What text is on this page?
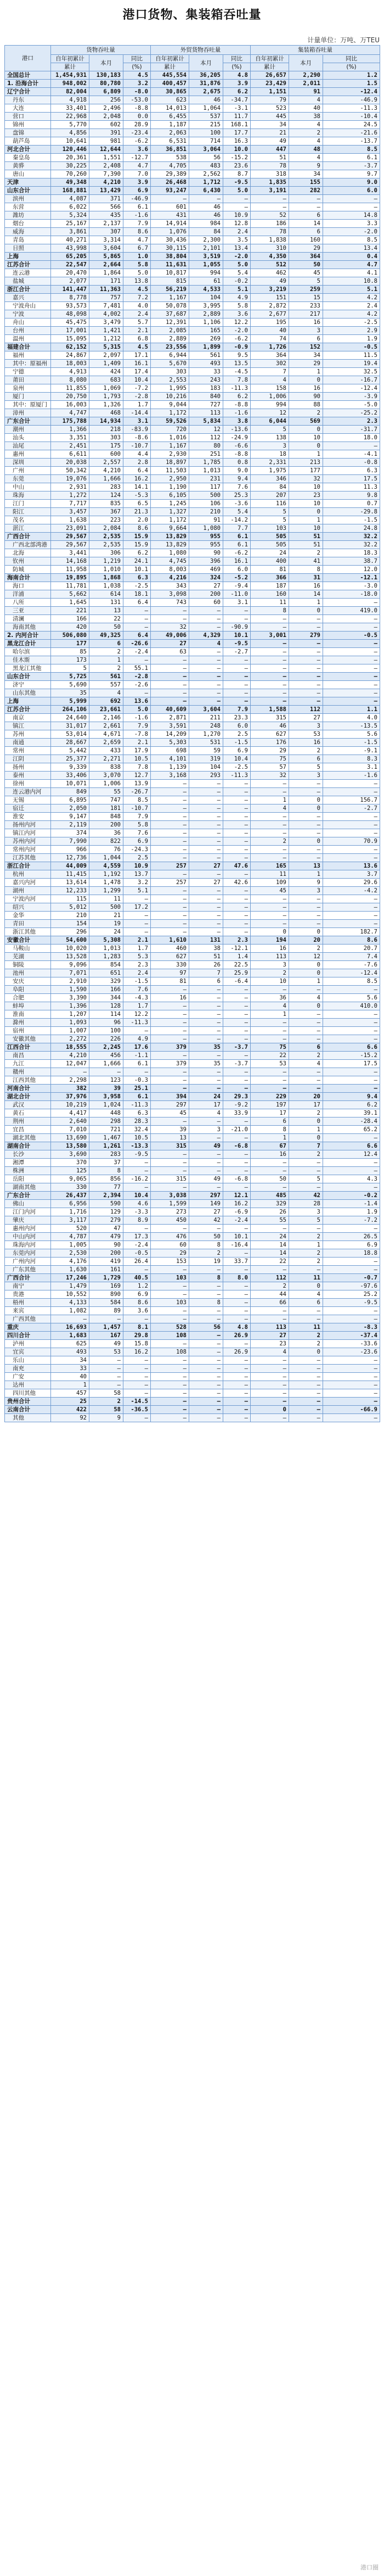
港口货物、集装箱吞吐量
计量单位：万吨、万TEU
港口	货物吞吐量			外贸货物吞吐量			集装箱吞吐量		
	自年初累计	本月	同比	自年初累计	本月	同比	自年初累计	本月	同比
	累计		(%)	累计		(%)	累计		(%)
全国总计	1,454,931	130,183	4.5	445,554	36,205	4.8	26,657	2,290	1.2
1. 沿海合计	948,002	80,780	3.2	400,457	31,876	3.9	23,429	2,011	1.5
辽宁合计	82,004	6,809	-8.0	30,865	2,675	6.2	1,151	91	-12.4
丹东	4,918	256	-53.0	623	46	-34.7	79	4	-46.9
大连	33,401	2,496	-8.8	14,013	1,064	-3.1	523	40	-11.3
营口	22,968	2,048	0.0	6,455	537	11.7	445	38	-10.4
锦州	5,770	602	28.9	1,187	215	168.1	34	4	24.5
盘锦	4,856	391	-23.4	2,063	100	17.7	21	2	-21.6
葫芦岛	10,641	981	-6.2	6,531	714	16.3	49	4	-13.7
河北合计	120,446	12,644	3.6	36,851	3,064	10.0	447	48	8.5
秦皇岛	20,361	1,551	-12.7	538	56	-15.2	51	4	6.1
黄骅	30,225	2,408	4.7	4,705	483	23.6	78	9	-3.7
唐山	70,260	7,390	7.0	29,389	2,562	8.7	318	34	9.7
天津	49,348	4,210	3.9	26,468	1,712	-9.5	1,835	155	9.0
山东合计	168,881	13,429	6.9	93,247	6,430	5.0	3,191	282	6.0
滨州	4,087	371	-46.9	—	—	—	—	—	—
东营	6,022	566	6.1	601	46	—	—	—	—
潍坊	5,324	435	-1.6	431	46	10.9	52	6	14.8
烟台	25,167	2,137	7.9	14,914	984	12.8	186	14	3.3
威海	3,861	307	8.6	1,076	84	2.4	78	6	-2.0
青岛	40,271	3,314	4.7	30,436	2,300	3.5	1,838	160	8.5
日照	43,998	3,604	6.7	30,115	2,101	13.4	310	29	13.4
上海	65,205	5,865	1.0	38,804	3,519	-2.0	4,350	364	0.4
江苏合计	22,547	2,664	5.8	11,631	1,055	5.0	512	50	4.7
连云港	20,470	1,864	5.0	10,817	994	5.4	462	45	4.1
盐城	2,077	171	13.8	815	61	-0.2	49	5	10.8
浙江合计	141,447	11,363	4.5	56,219	4,533	5.1	3,219	259	5.1
嘉兴	8,778	757	7.2	1,167	104	4.9	151	15	4.2
宁波舟山	93,573	7,481	4.0	50,078	3,995	5.8	2,872	233	2.4
宁波	48,098	4,002	2.4	37,687	2,889	3.6	2,677	217	4.2
舟山	45,475	3,479	5.7	12,391	1,106	12.2	195	16	-2.5
台州	17,001	1,421	2.1	2,085	165	-2.0	40	3	2.9
温州	15,095	1,212	6.8	2,889	269	-6.2	74	6	1.9
福建合计	62,152	5,315	4.5	23,556	1,899	-0.9	1,726	152	-0.5
福州	24,867	2,097	17.1	6,944	561	9.5	364	34	11.5
其中：原福州	18,003	1,409	16.1	5,670	493	13.5	302	29	19.4
宁德	4,913	424	17.4	303	33	-4.5	7	1	32.5
莆田	8,080	683	10.4	2,553	243	7.8	4	0	-16.7
泉州	11,855	1,069	-7.2	1,995	183	-11.3	158	16	-12.4
厦门	20,750	1,793	-2.8	10,216	840	6.2	1,006	90	-3.9
其中：原厦门	16,003	1,326	1.7	9,044	727	-8.8	994	88	-5.0
漳州	4,747	468	-14.4	1,172	113	-1.6	12	2	-25.2
广东合计	175,788	14,934	3.1	59,526	5,834	3.8	6,044	569	2.3
潮州	1,366	218	-83.9	720	12	-13.6	5	0	-31.7
汕头	3,351	303	-8.6	1,016	112	-24.9	138	10	18.0
汕尾	2,451	175	-10.7	1,167	80	-6.6	3	0	—
惠州	6,611	600	4.4	2,930	251	-8.8	18	1	-4.1
深圳	20,038	2,557	2.8	18,897	1,785	0.8	2,331	213	-0.8
广州	50,342	4,210	6.4	11,503	1,013	9.0	1,975	177	6.3
东莞	19,076	1,666	16.2	2,950	231	9.4	346	32	17.5
中山	2,931	283	14.1	1,190	117	7.6	84	10	11.3
珠海	1,272	124	-5.3	6,105	500	25.3	207	23	9.8
江门	7,717	835	6.5	1,245	106	-3.6	116	10	0.7
阳江	3,457	367	21.3	1,327	210	5.4	5	0	-29.8
茂名	1,638	223	2.0	1,172	91	-14.2	5	1	-1.5
湛江	23,091	2,084	8.6	9,664	1,080	7.7	103	10	24.8
广西合计	29,567	2,535	15.9	13,829	955	6.1	505	51	32.2
广西北部湾港	29,567	2,535	15.9	13,829	955	6.1	505	51	32.2
北海	3,441	306	6.2	1,080	90	-6.2	24	2	18.3
钦州	14,168	1,219	24.1	4,745	396	16.1	400	41	38.7
防城	11,958	1,010	10.1	8,003	469	6.0	81	8	12.0
海南合计	19,895	1,868	6.3	4,216	324	-5.2	366	31	-12.1
海口	11,781	1,038	-2.5	343	27	-9.4	187	16	-3.0
洋浦	5,662	614	18.1	3,098	200	-11.0	160	14	-18.0
八所	1,645	131	6.4	743	60	3.1	11	1	—
三亚	221	13	—	—	—	—	8	0	419.0
清澜	166	22	—	—	—	—	—	—	—
海南其他	420	50	—	32	—	-90.9	—	—	—
2. 内河合计	506,080	49,325	6.4	49,006	4,329	10.1	3,001	279	-0.5
黑龙江合计	177	6	-26.6	27	4	-9.5	—	—	—
哈尔滨	85	2	-2.4	63	—	-2.7	—	—	—
佳木斯	173	1	—	—	—	—	—	—	—
黑龙江其他	5	2	55.1	—	—	—	—	—	—
山东合计	5,725	561	-2.8	—	—	—	—	—	—
济宁	5,690	557	-2.6	—	—	—	—	—	—
山东其他	35	4	—	—	—	—	—	—	—
上海	5,999	692	13.6	—	—	—	—	—	—
江苏合计	264,106	23,661	5.0	40,609	3,604	7.9	1,588	112	1.1
南京	24,640	2,146	-1.6	2,871	211	23.3	315	27	4.0
镇江	31,017	2,661	7.9	3,591	248	6.0	46	3	-13.5
苏州	53,014	4,671	-7.8	14,209	1,270	2.5	627	53	5.6
南通	28,667	2,659	2.1	5,303	531	-1.5	176	16	-1.5
常州	5,442	433	17.9	698	59	6.9	29	2	-9.1
江阴	25,377	2,271	10.5	4,101	319	10.4	75	6	8.3
扬州	9,339	838	7.8	1,139	104	-2.5	57	5	3.1
泰州	33,406	3,070	12.7	3,168	293	-11.3	32	3	-1.6
徐州	10,071	1,006	13.9	—	—	—	—	—	—
连云港内河	849	55	-26.7	—	—	—	—	—	—
无锡	6,895	747	8.5	—	—	—	1	0	156.7
宿迁	2,050	181	-10.7	—	—	—	4	0	-2.7
淮安	9,147	848	7.9	—	—	—	—	—	—
扬州内河	2,119	200	5.8	—	—	—	—	—	—
镇江内河	374	36	7.6	—	—	—	—	—	—
苏州内河	7,990	822	6.9	—	—	—	2	0	70.9
常州内河	966	76	-24.3	—	—	—	—	—	—
江苏其他	12,736	1,044	2.5	—	—	—	—	—	—
浙江合计	44,009	4,559	10.9	257	27	47.6	165	13	13.6
杭州	11,415	1,192	13.7	—	—	—	11	1	3.7
嘉兴内河	13,614	1,478	3.2	257	27	42.6	109	9	29.6
湖州	12,233	1,299	5.1	—	—	—	45	3	-4.2
宁波内河	115	11	—	—	—	—	—	—	—
绍兴	5,012	500	17.2	—	—	—	—	—	—
金华	210	21	—	—	—	—	—	—	—
青田	154	19	—	—	—	—	—	—	—
浙江其他	296	24	—	—	—	—	0	0	182.7
安徽合计	54,600	5,308	2.1	1,610	131	2.3	194	20	8.6
马鞍山	10,020	1,013	1.7	460	38	-12.1	16	2	20.7
芜湖	13,528	1,283	5.3	627	51	1.4	113	12	7.4
铜陵	9,096	854	2.3	330	26	22.5	3	0	-7.6
池州	7,071	651	2.4	97	7	25.9	2	0	-12.4
安庆	2,910	329	-1.5	81	6	-6.4	10	1	8.5
阜阳	1,590	166	7.6	—	—	—	—	—	—
合肥	3,390	344	-4.3	16	—	—	36	4	5.6
蚌埠	1,396	128	1.7	—	—	—	4	0	410.0
淮南	1,207	114	12.2	—	—	—	1	—	—
滁州	1,093	96	-11.3	—	—	—	—	—	—
宿州	1,007	100	—	—	—	—	—	—	—
安徽其他	2,272	226	4.9	—	—	—	—	—	—
江西合计	18,555	2,245	17.6	379	35	-3.7	75	6	6.6
南昌	4,210	456	-1.1	—	—	—	22	2	-15.2
九江	12,047	1,666	6.1	379	35	-3.7	53	4	17.5
赣州	—	—	—	—	—	—	—	—	—
江西其他	2,298	123	-0.3	—	—	—	—	—	—
河南合计	382	39	25.1	—	—	—	—	—	—
湖北合计	37,976	3,958	6.1	394	24	29.3	229	20	9.4
武汉	10,219	1,024	-11.3	297	17	-9.2	197	17	6.2
黄石	4,417	448	6.3	45	4	33.9	17	2	39.1
荆州	2,640	298	28.3	—	—	—	6	0	-28.4
宜昌	7,010	721	32.4	39	3	-21.0	8	1	65.2
湖北其他	13,690	1,467	10.5	13	—	—	1	0	—
湖南合计	13,580	1,261	-13.3	315	49	-6.8	67	7	6.6
长沙	3,690	283	-9.5	—	—	—	16	2	12.4
湘潭	370	37	—	—	—	—	—	—	—
株洲	125	8	—	—	—	—	—	—	—
岳阳	9,065	856	-16.2	315	49	-6.8	50	5	4.3
湖南其他	330	77	—	—	—	—	—	—	—
广东合计	26,437	2,394	10.4	3,038	297	12.1	485	42	-0.2
佛山	6,956	590	4.6	1,599	149	16.2	329	28	-1.4
江门内河	1,716	129	-3.3	273	27	-6.9	26	3	1.9
肇庆	3,117	279	8.9	450	42	-2.4	55	5	-7.2
惠州内河	520	47	—	—	—	—	—	—	—
中山内河	4,787	479	17.3	476	50	10.1	24	2	26.5
珠海内河	1,005	90	-2.4	60	8	-16.4	14	1	6.9
东莞内河	2,530	200	-0.5	29	2	—	14	2	18.8
广州内河	4,176	419	26.4	153	19	33.7	22	2	—
广东其他	1,630	161	—	—	—	—	—	—	—
广西合计	17,246	1,729	40.5	103	8	8.0	112	11	-0.7
南宁	1,479	169	1.2	—	—	—	2	0	-97.6
贵港	10,552	890	6.9	—	—	—	44	4	25.2
梧州	4,133	584	8.6	103	8	—	66	6	-9.5
来宾	1,082	89	3.6	—	—	—	—	—	—
广西其他	—	—	—	—	—	—	—	—	—
重庆	16,693	1,457	8.1	528	56	4.8	113	11	-8.3
四川合计	1,683	167	29.8	108	—	26.9	27	2	-37.4
泸州	625	49	15.8	—	—	—	23	2	-33.6
宜宾	493	53	16.2	108	—	26.9	4	0	-23.6
乐山	34	—	—	—	—	—	—	—	—
南充	33	—	—	—	—	—	—	—	—
广安	40	—	—	—	—	—	—	—	—
达州	1	—	—	—	—	—	—	—	—
四川其他	457	58	—	—	—	—	—	—	—
贵州合计	25	2	-14.5	—	—	—	—	—	—
云南合计	422	58	-36.5	—	—	—	0	—	-66.9
其他	92	9	—	—	—	—	—	—	—
港口圈
